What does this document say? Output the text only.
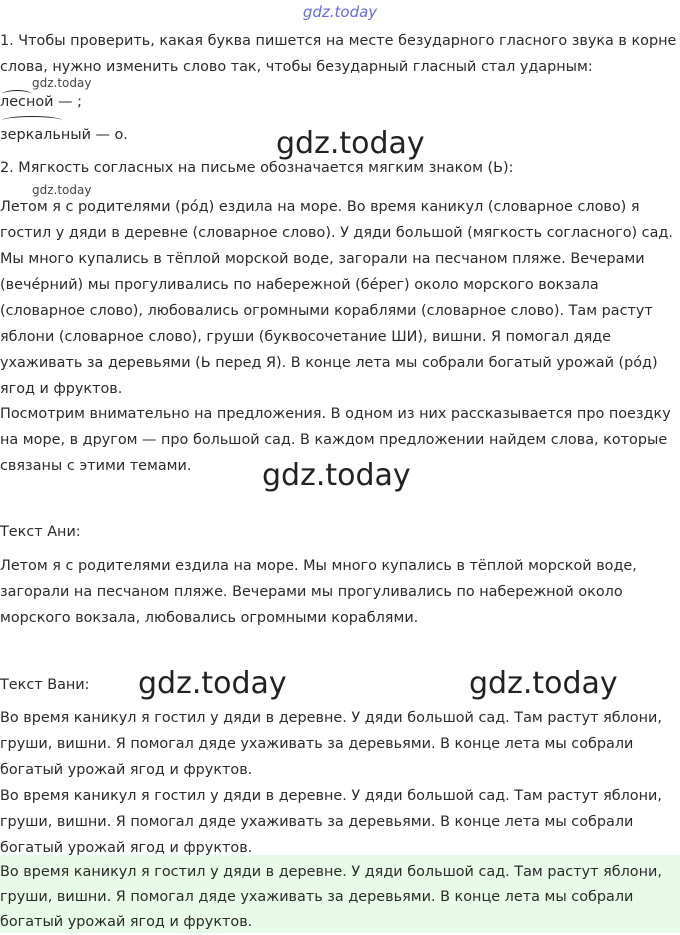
gdz.today
1. Чтобы проверить, какая буква пишется на месте безударного гласного звука в корне
слова, нужно изменить слово так, чтобы безударный гласный стал ударным:
gdz.today
лесной — ;
зеркальный — о.	gdz.today
2. Мягкость согласных на письме обозначается мягким знаком (Ь):
gdz.today
Летом я с родителями (ро́д) ездила на море. Во время каникул (словарное слово) я
гостил у дяди в деревне (словарное слово). У дяди большой (мягкость согласного) сад.
Мы много купались в тёплой морской воде, загорали на песчаном пляже. Вечерами
(вечéрний) мы прогуливались по набережной (бéрег) около морского вокзала
(словарное слово), любовались огромными кораблями (словарное слово). Там растут
яблони (словарное слово), груши (буквосочетание ШИ), вишни. Я помогал дяде
ухаживать за деревьями (Ь перед Я). В конце лета мы собрали богатый урожай (ро́д)
ягод и фруктов.
Посмотрим внимательно на предложения. В одном из них рассказывается про поездку
на море, в другом — про большой сад. В каждом предложении найдем слова, которые
связаны с этими темами. gdz.today
Текст Ани:
Летом я с родителями ездила на море. Мы много купались в тёплой морской воде,
загорали на песчаном пляже. Вечерами мы прогуливались по набережной около
морского вокзала, любовались огромными кораблями.
Текст Вани: gdz.today	gdz.today
Во время каникул я гостил у дяди в деревне. У дяди большой сад. Там растут яблони,
груши, вишни. Я помогал дяде ухаживать за деревьями. В конце лета мы собрали
богатый урожай ягод и фруктов.
Во время каникул я гостил у дяди в деревне. У дяди большой сад. Там растут яблони,
груши, вишни. Я помогал дяде ухаживать за деревьями. В конце лета мы собрали
богатый урожай ягод и фруктов.
Во время каникул я гостил у дяди в деревне. У дяди большой сад. Там растут яблони,
груши, вишни. Я помогал дяде ухаживать за деревьями. В конце лета мы собрали
богатый урожай ягод и фруктов.
